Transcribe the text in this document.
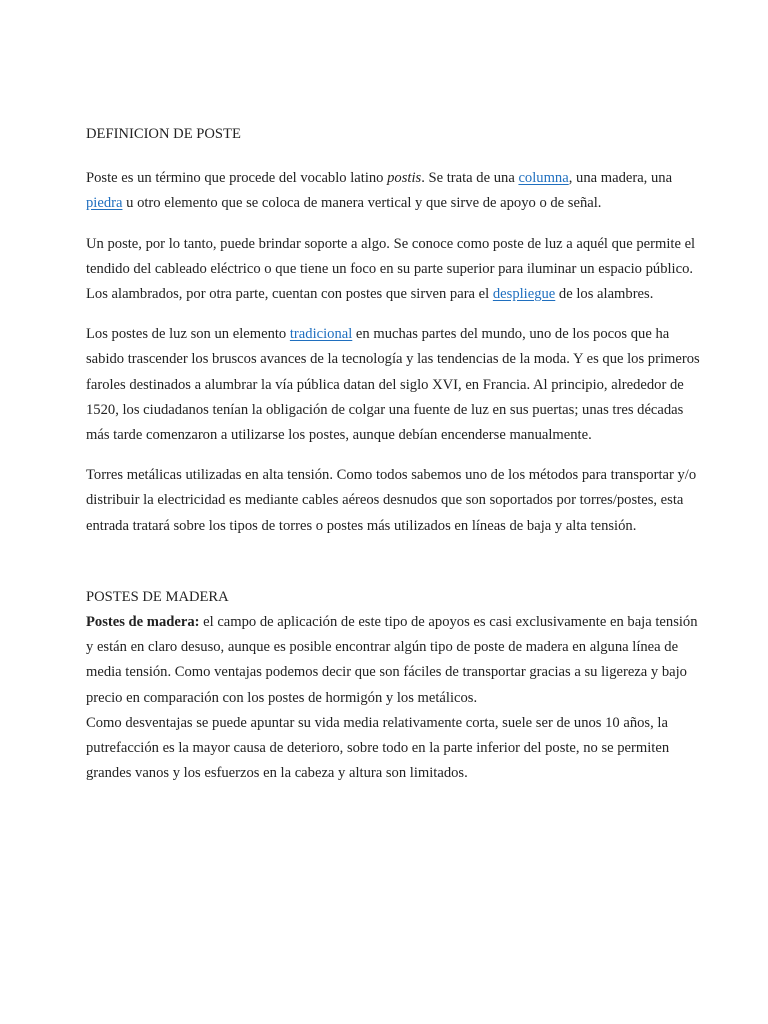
DEFINICION DE POSTE

Poste es un término que procede del vocablo latino postis. Se trata de una columna, una madera, una piedra u otro elemento que se coloca de manera vertical y que sirve de apoyo o de señal.

Un poste, por lo tanto, puede brindar soporte a algo. Se conoce como poste de luz a aquél que permite el tendido del cableado eléctrico o que tiene un foco en su parte superior para iluminar un espacio público. Los alambrados, por otra parte, cuentan con postes que sirven para el despliegue de los alambres.

Los postes de luz son un elemento tradicional en muchas partes del mundo, uno de los pocos que ha sabido trascender los bruscos avances de la tecnología y las tendencias de la moda. Y es que los primeros faroles destinados a alumbrar la vía pública datan del siglo XVI, en Francia. Al principio, alrededor de 1520, los ciudadanos tenían la obligación de colgar una fuente de luz en sus puertas; unas tres décadas más tarde comenzaron a utilizarse los postes, aunque debían encenderse manualmente.

Torres metálicas utilizadas en alta tensión. Como todos sabemos uno de los métodos para transportar y/o distribuir la electricidad es mediante cables aéreos desnudos que son soportados por torres/postes, esta entrada tratará sobre los tipos de torres o postes más utilizados en líneas de baja y alta tensión.

POSTES DE MADERA

Postes de madera: el campo de aplicación de este tipo de apoyos es casi exclusivamente en baja tensión y están en claro desuso, aunque es posible encontrar algún tipo de poste de madera en alguna línea de media tensión. Como ventajas podemos decir que son fáciles de transportar gracias a su ligereza y bajo precio en comparación con los postes de hormigón y los metálicos.

Como desventajas se puede apuntar su vida media relativamente corta, suele ser de unos 10 años, la putrefacción es la mayor causa de deterioro, sobre todo en la parte inferior del poste, no se permiten grandes vanos y los esfuerzos en la cabeza y altura son limitados.
